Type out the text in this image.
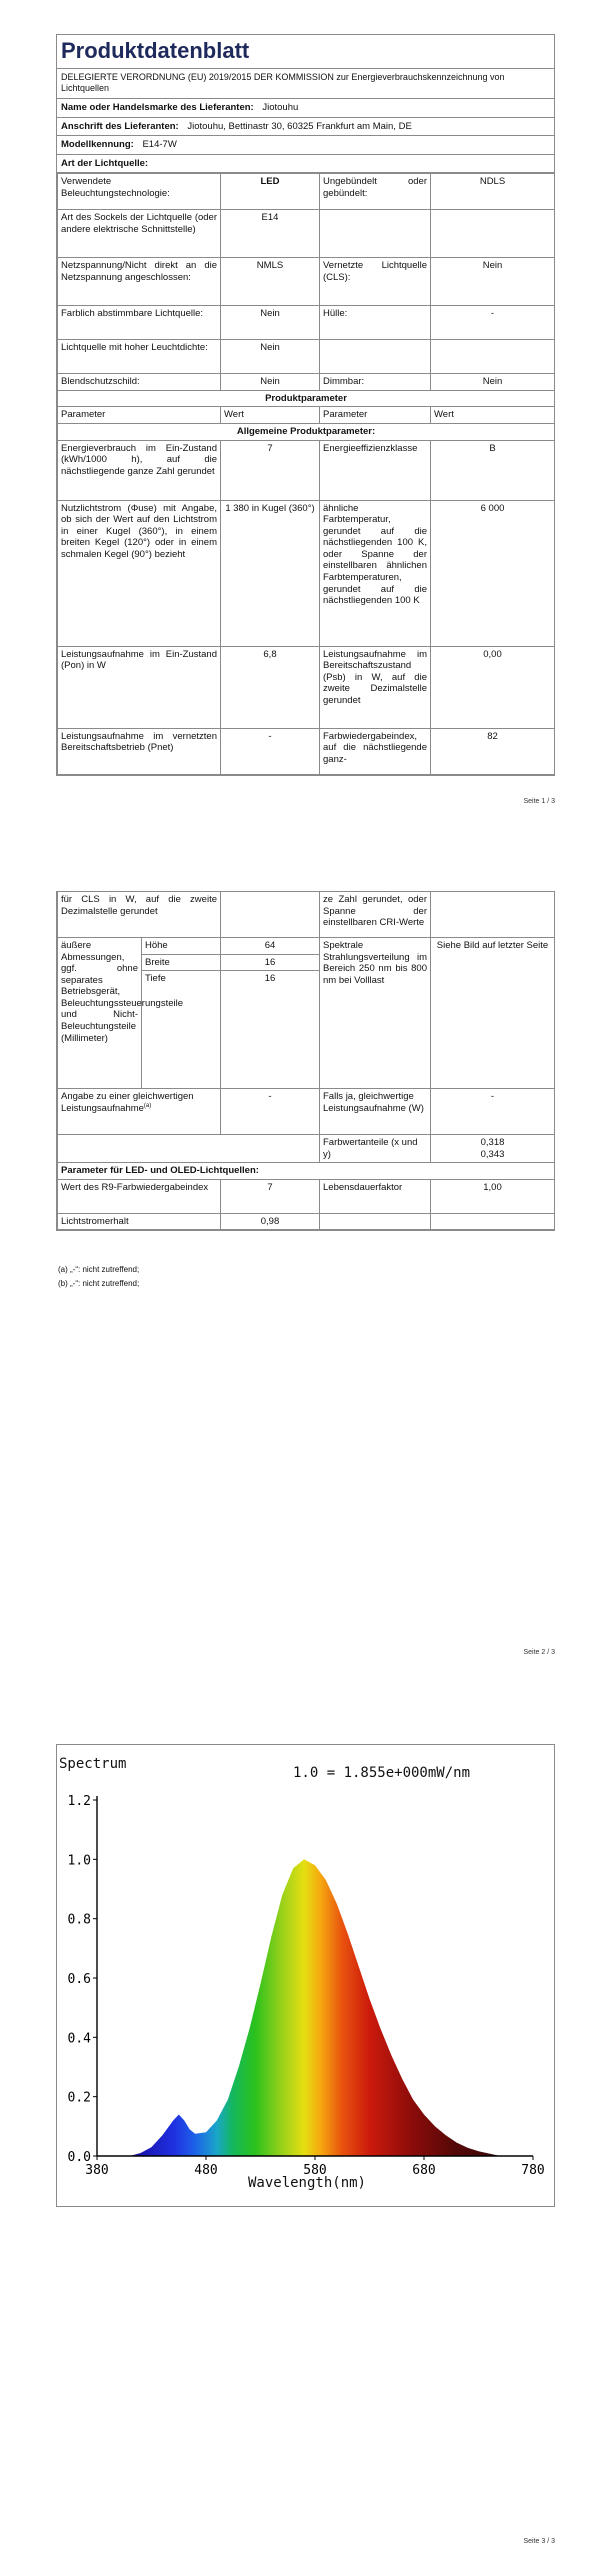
Produktdatenblatt
DELEGIERTE VERORDNUNG (EU) 2019/2015 DER KOMMISSION zur Energieverbrauchskennzeichnung von Lichtquellen
Name oder Handelsmarke des Lieferanten: Jiotouhu
Anschrift des Lieferanten: Jiotouhu, Bettinastr 30, 60325 Frankfurt am Main, DE
Modellkennung: E14-7W
Art der Lichtquelle:
Verwendete Beleuchtungstechnologie:	LED	Ungebündelt oder gebündelt:	NDLS
Art des Sockels der Lichtquelle (oder andere elektrische Schnittstelle)	E14		
Netzspannung/Nicht direkt an die Netzspannung angeschlossen:	NMLS	Vernetzte Lichtquelle (CLS):	Nein
Farblich abstimmbare Lichtquelle:	Nein	Hülle:	-
Lichtquelle mit hoher Leuchtdichte:	Nein		
Blendschutzschild:	Nein	Dimmbar:	Nein
Produktparameter			
Parameter	Wert	Parameter	Wert
Allgemeine Produktparameter:			
Energieverbrauch im Ein-Zustand (kWh/1000 h), auf die nächstliegende ganze Zahl gerundet	7	Energieeffizienzklasse	B
Nutzlichtstrom (Φuse) mit Angabe, ob sich der Wert auf den Lichtstrom in einer Kugel (360°), in einem breiten Kegel (120°) oder in einem schmalen Kegel (90°) bezieht	1 380 in Kugel (360°)	ähnliche Farbtemperatur, gerundet auf die nächstliegenden 100 K, oder Spanne der einstellbaren ähnlichen Farbtemperaturen, gerundet auf die nächstliegenden 100 K	6 000
Leistungsaufnahme im Ein-Zustand (Pon) in W	6,8	Leistungsaufnahme im Bereitschaftszustand (Psb) in W, auf die zweite Dezimalstelle gerundet	0,00
Leistungsaufnahme im vernetzten Bereitschaftsbetrieb (Pnet)	-	Farbwiedergabeindex, auf die nächstliegende ganz-	82
Seite 1 / 3
für CLS in W, auf die zweite Dezimalstelle gerundet			ze Zahl gerundet, oder Spanne der einstellbaren CRI-Werte	
äußere Abmessungen, ggf. ohne separates Betriebsgerät, Beleuchtungssteuerungsteile und Nicht-Beleuchtungsteile (Millimeter)	Höhe	64	Spektrale Strahlungsverteilung im Bereich 250 nm bis 800 nm bei Volllast	Siehe Bild auf letzter Seite
	Breite	16		
	Tiefe	16		
Angabe zu einer gleichwertigen Leistungsaufnahme$^{(a)}$		-	Falls ja, gleichwertige Leistungsaufnahme (W)	-
			Farbwertanteile (x und y)	0,318
0,343

Parameter für LED- und OLED-Lichtquellen:				
Wert des R9-Farbwiedergabeindex		7	Lebensdauerfaktor	1,00
Lichtstromerhalt		0,98		
(a) „-“: nicht zutreffend;
(b) „-“: nicht zutreffend;
Seite 2 / 3
Seite 3 / 3
Spectrum
1.0 = 1.855e+000mW/nm
Wavelength(nm)
0.0
0.2
0.4
0.6
0.8
1.0
1.2
380	480	580	680	780
